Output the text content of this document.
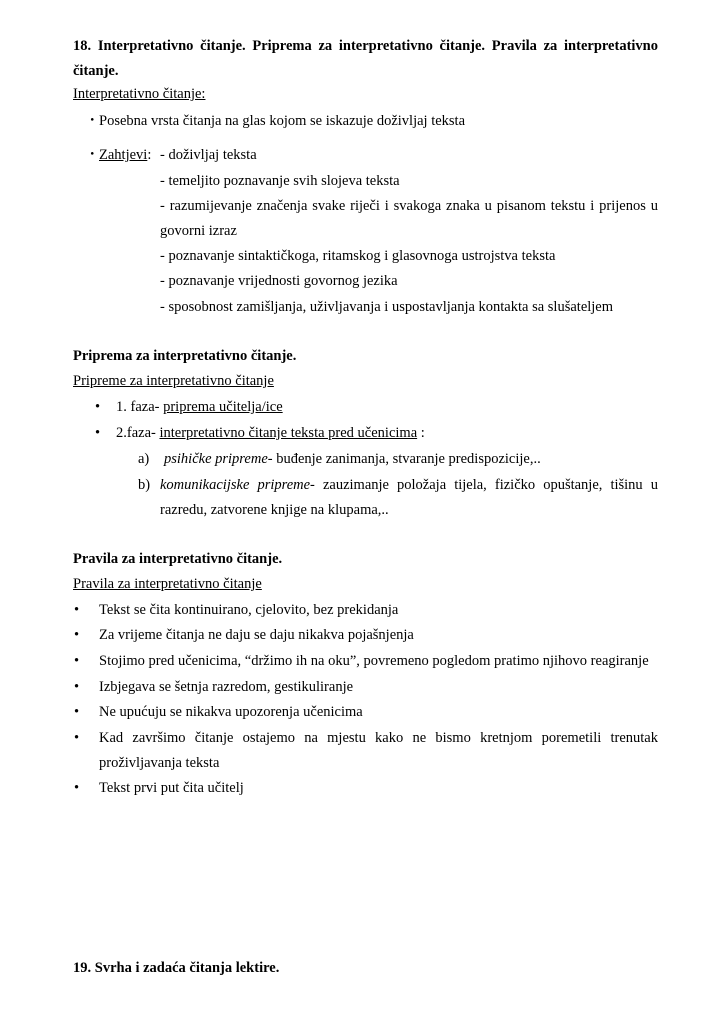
18. Interpretativno čitanje. Priprema za interpretativno čitanje. Pravila za interpretativno
čitanje.
Interpretativno čitanje:
・ Posebna vrsta čitanja na glas kojom se iskazuje doživljaj teksta
・ Zahtjevi: - doživljaj teksta
- temeljito poznavanje svih slojeva teksta
- razumijevanje značenja svake riječi i svakoga znaka u pisanom tekstu i prijenos u
govorni izraz
- poznavanje sintaktičkoga, ritamskog i glasovnoga ustrojstva teksta
- poznavanje vrijednosti govornog jezika
- sposobnost zamišljanja, uživljavanja i uspostavljanja kontakta sa slušateljem
Priprema za interpretativno čitanje.
Pripreme za interpretativno čitanje
• 1. faza- priprema učitelja/ice
• 2.faza- interpretativno čitanje teksta pred učenicima :
a) psihičke pripreme- buđenje zanimanja, stvaranje predispozicije,..
b) komunikacijske pripreme- zauzimanje položaja tijela, fizičko opuštanje, tišinu u
razredu, zatvorene knjige na klupama,..
Pravila za interpretativno čitanje.
Pravila za interpretativno čitanje
• Tekst se čita kontinuirano, cjelovito, bez prekidanja
• Za vrijeme čitanja ne daju se daju nikakva pojašnjenja
• Stojimo pred učenicima, “držimo ih na oku”, povremeno pogledom pratimo njihovo reagiranje
• Izbjegava se šetnja razredom, gestikuliranje
• Ne upućuju se nikakva upozorenja učenicima
• Kad završimo čitanje ostajemo na mjestu kako ne bismo kretnjom poremetili trenutak
proživljavanja teksta
• Tekst prvi put čita učitelj
19. Svrha i zadaća čitanja lektire.
